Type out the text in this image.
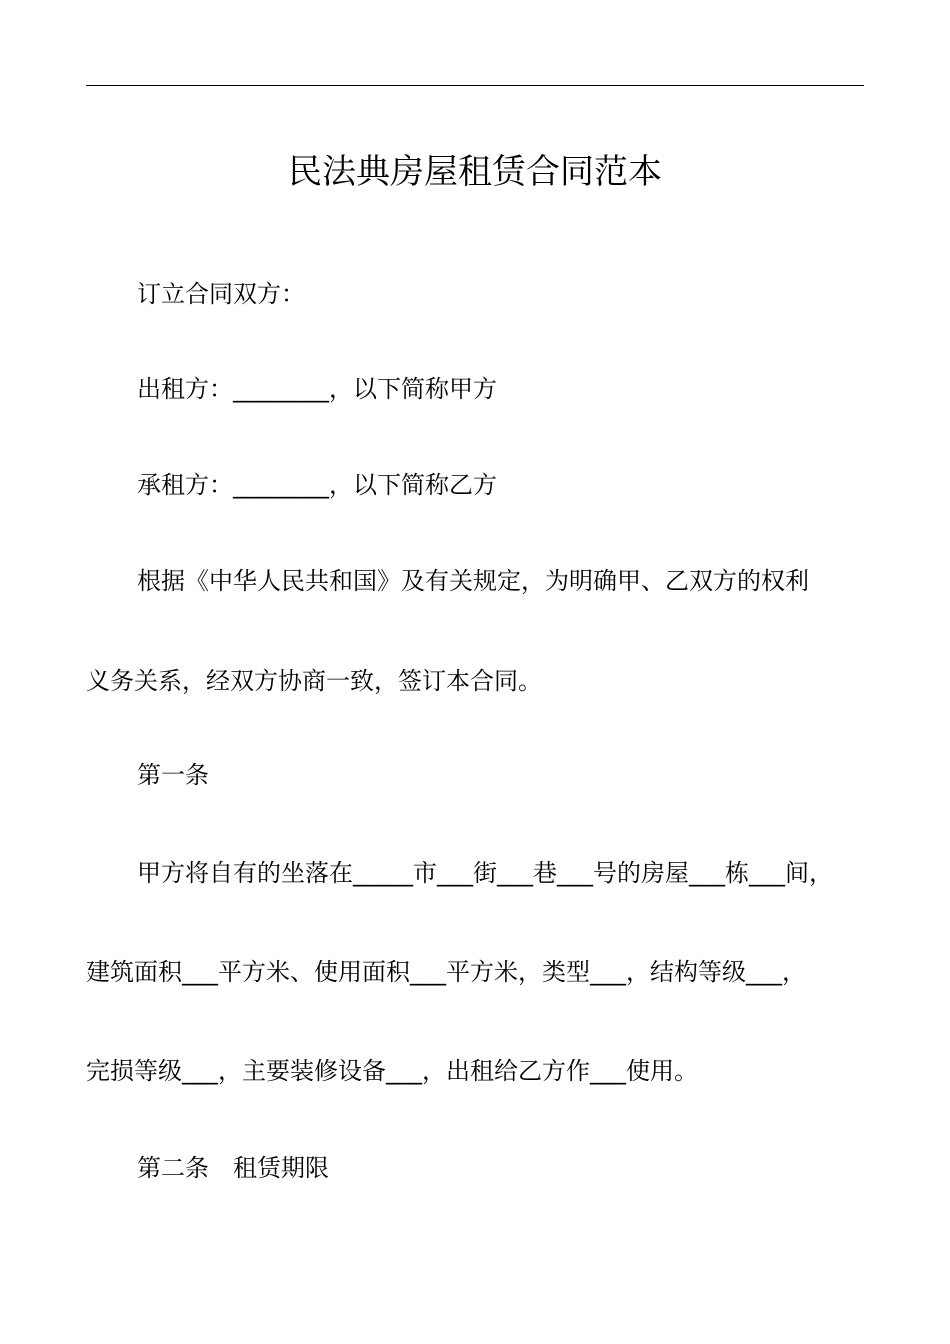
民法典房屋租赁合同范本
订立合同双方：
出租方：________，以下简称甲方
承租方：________，以下简称乙方
根据《中华人民共和国》及有关规定，为明确甲、乙双方的权利
义务关系，经双方协商一致，签订本合同。
第一条
甲方将自有的坐落在_____市___街___巷___号的房屋___栋___间，
建筑面积___平方米、使用面积___平方米，类型___，结构等级___，
完损等级___，主要装修设备___，出租给乙方作___使用。
第二条　租赁期限
